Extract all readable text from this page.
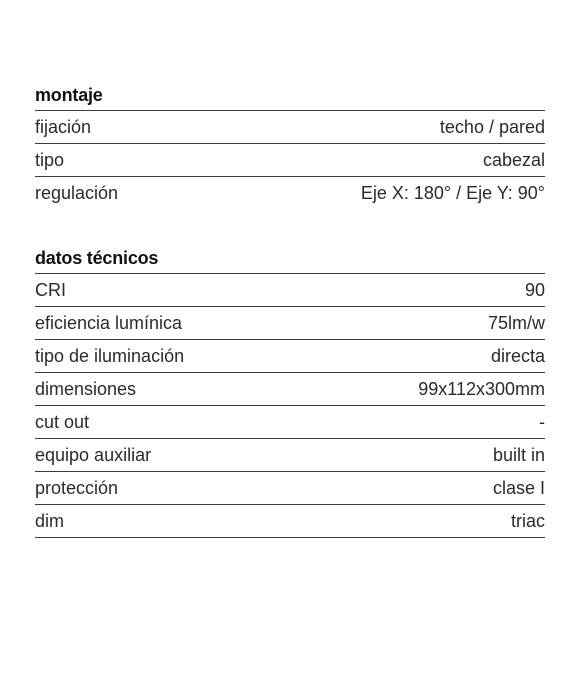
montaje
fijación	techo / pared
tipo	cabezal
regulación	Eje X: 180° / Eje Y: 90°
datos técnicos
CRI	90
eficiencia lumínica	75lm/w
tipo de iluminación	directa
dimensiones	99x112x300mm
cut out	-
equipo auxiliar	built in
protección	clase I
dim	triac
